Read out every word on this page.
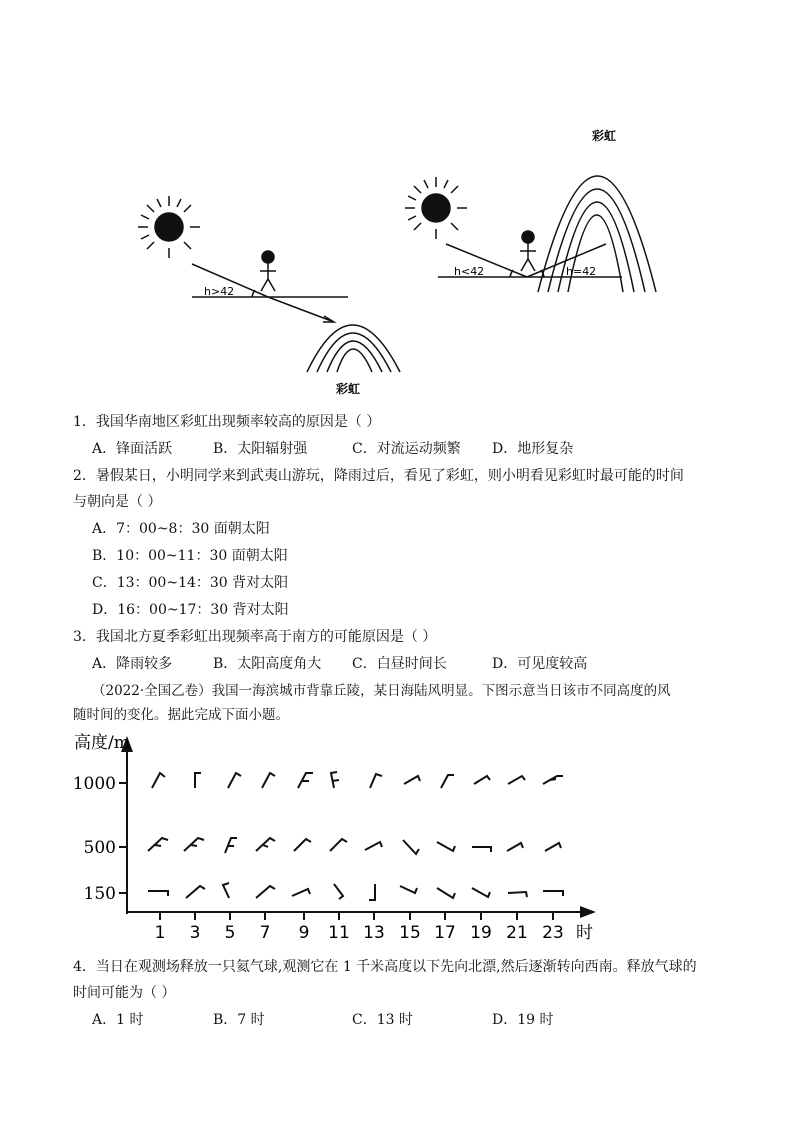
h>42
彩虹
h<42	h=42
彩虹
1．我国华南地区彩虹出现频率较高的原因是（ ）
A．锋面活跃	B．太阳辐射强	C．对流运动频繁 D．地形复杂
2．暑假某日，小明同学来到武夷山游玩，降雨过后，看见了彩虹，则小明看见彩虹时最可能的时间
与朝向是（ ）
A．7：00~8：30 面朝太阳
B．10：00~11：30 面朝太阳
C．13：00~14：30 背对太阳
D．16：00~17：30 背对太阳
3．我国北方夏季彩虹出现频率高于南方的可能原因是（ ）
A．降雨较多	B．太阳高度角大 C．白昼时间长	D．可见度较高
（2022·全国乙卷）我国一海滨城市背靠丘陵，某日海陆风明显。下图示意当日该市不同高度的风
随时间的变化。据此完成下面小题。
高度/m
1000
500
150
1 3 5 7 9 11 13 15 17 19 21 23 时
4．当日在观测场释放一只氦气球,观测它在 1 千米高度以下先向北漂,然后逐渐转向西南。释放气球的
时间可能为（ ）
A．1 时	B．7 时	C．13 时	D．19 时
